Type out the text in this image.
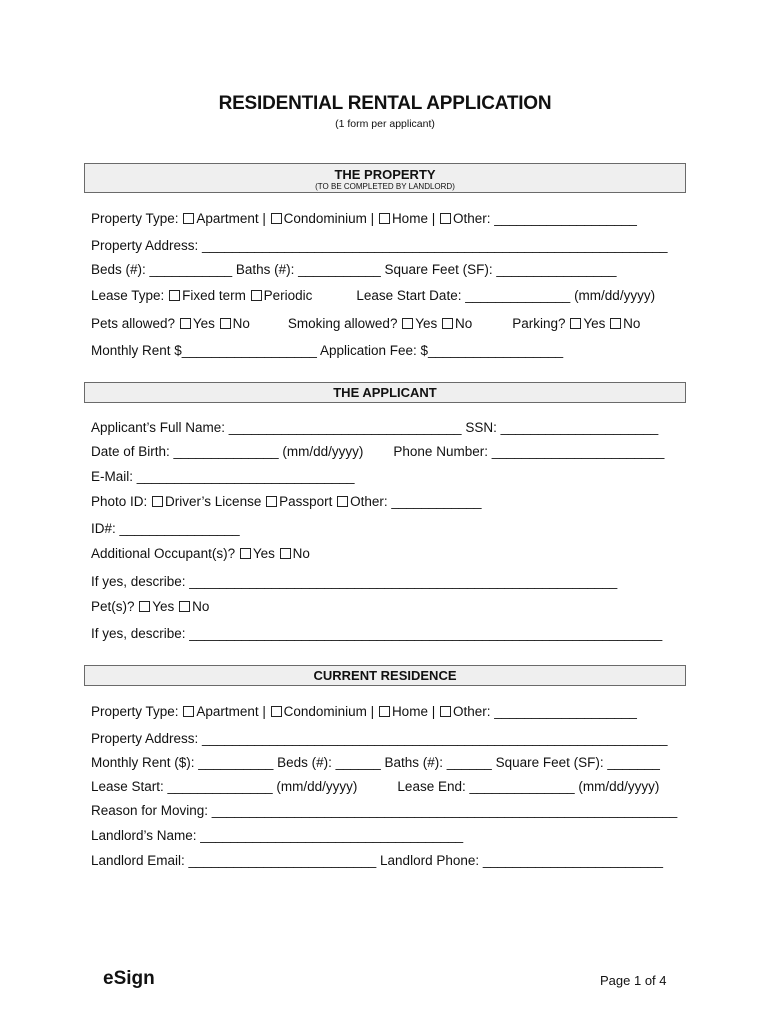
RESIDENTIAL RENTAL APPLICATION
(1 form per applicant)
THE PROPERTY
(TO BE COMPLETED BY LANDLORD)
Property Type: Apartment | Condominium | Home | Other: ___________________
Property Address: ______________________________________________________________
Beds (#): ___________ Baths (#): ___________ Square Feet (SF): ________________
Lease Type: Fixed term Periodic	Lease Start Date: ______________ (mm/dd/yyyy)
Pets allowed? Yes No	Smoking allowed? Yes No	Parking? Yes No
Monthly Rent $__________________ Application Fee: $__________________
THE APPLICANT
Applicant’s Full Name: _______________________________ SSN: _____________________
Date of Birth: ______________ (mm/dd/yyyy) Phone Number: _______________________
E-Mail: _____________________________
Photo ID: Driver’s License Passport Other: ____________
ID#: ________________
Additional Occupant(s)? Yes No
If yes, describe: _________________________________________________________
Pet(s)? Yes No
If yes, describe: _______________________________________________________________
CURRENT RESIDENCE
Property Type: Apartment | Condominium | Home | Other: ___________________
Property Address: ______________________________________________________________
Monthly Rent ($): __________ Beds (#): ______ Baths (#): ______ Square Feet (SF): _______
Lease Start: ______________ (mm/dd/yyyy)	Lease End: ______________ (mm/dd/yyyy)
Reason for Moving: ______________________________________________________________
Landlord’s Name: ___________________________________
Landlord Email: _________________________ Landlord Phone: ________________________
eSign	Page 1 of 4
